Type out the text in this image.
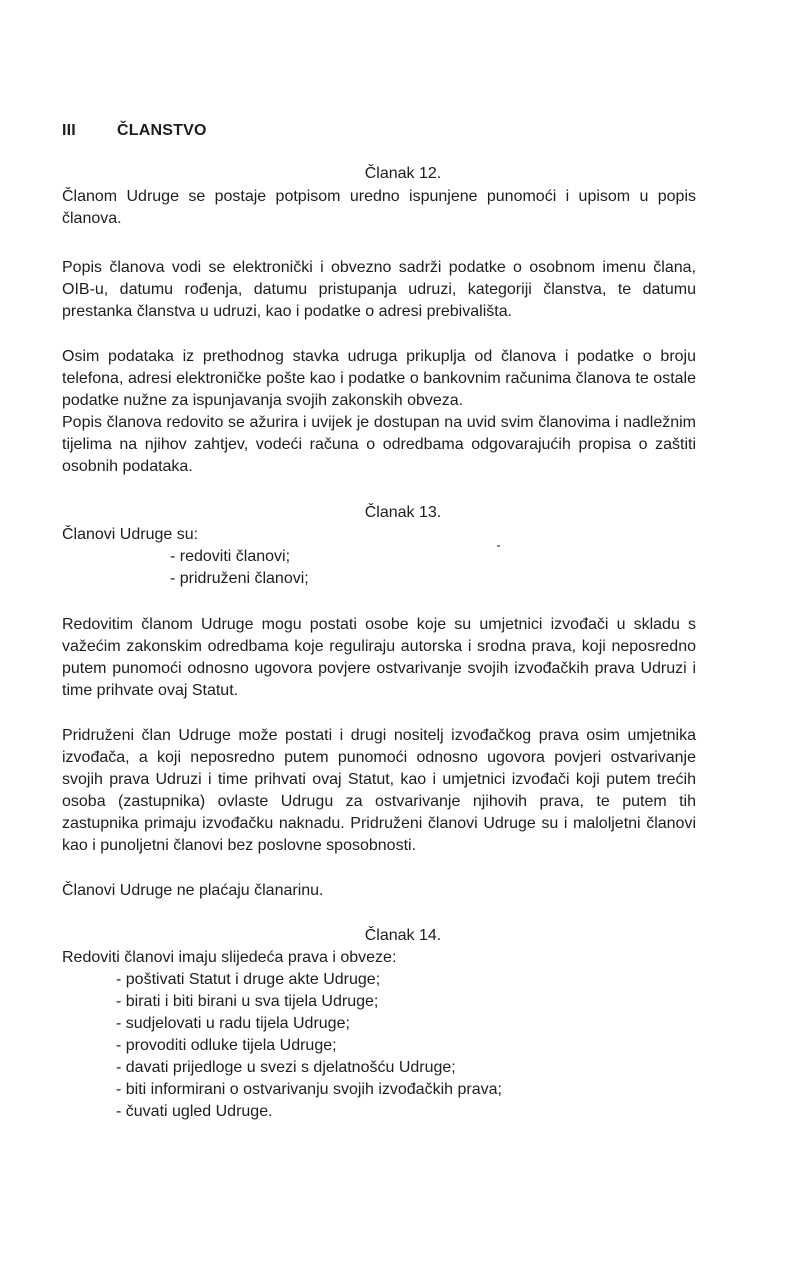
III	ČLANSTVO
Članak 12.
Članom Udruge se postaje potpisom uredno ispunjene punomoći i upisom u popis članova.
Popis članova vodi se elektronički i obvezno sadrži podatke o osobnom imenu člana, OIB-u, datumu rođenja, datumu pristupanja udruzi, kategoriji članstva, te datumu prestanka članstva u udruzi, kao i podatke o adresi prebivališta.
Osim podataka iz prethodnog stavka udruga prikuplja od članova i podatke o broju telefona, adresi elektroničke pošte kao i podatke o bankovnim računima članova te ostale podatke nužne za ispunjavanja svojih zakonskih obveza.
Popis članova redovito se ažurira i uvijek je dostupan na uvid svim članovima i nadležnim tijelima na njihov zahtjev, vodeći računa o odredbama odgovarajućih propisa o zaštiti osobnih podataka.
Članak 13.
Članovi Udruge su:
- redoviti članovi;
- pridruženi članovi;
Redovitim članom Udruge mogu postati osobe koje su umjetnici izvođači u skladu s važećim zakonskim odredbama koje reguliraju autorska i srodna prava, koji neposredno putem punomoći odnosno ugovora povjere ostvarivanje svojih izvođačkih prava Udruzi i time prihvate ovaj Statut.
Pridruženi član Udruge može postati i drugi nositelj izvođačkog prava osim umjetnika izvođača, a koji neposredno putem punomoći odnosno ugovora povjeri ostvarivanje svojih prava Udruzi i time prihvati ovaj Statut, kao i umjetnici izvođači koji putem trećih osoba (zastupnika) ovlaste Udrugu za ostvarivanje njihovih prava, te putem tih zastupnika primaju izvođačku naknadu. Pridruženi članovi Udruge su i maloljetni članovi kao i punoljetni članovi bez poslovne sposobnosti.
Članovi Udruge ne plaćaju članarinu.
Članak 14.
Redoviti članovi imaju slijedeća prava i obveze:
- poštivati Statut i druge akte Udruge;
- birati i biti birani u sva tijela Udruge;
- sudjelovati u radu tijela Udruge;
- provoditi odluke tijela Udruge;
- davati prijedloge u svezi s djelatnošću Udruge;
- biti informirani o ostvarivanju svojih izvođačkih prava;
- čuvati ugled Udruge.
